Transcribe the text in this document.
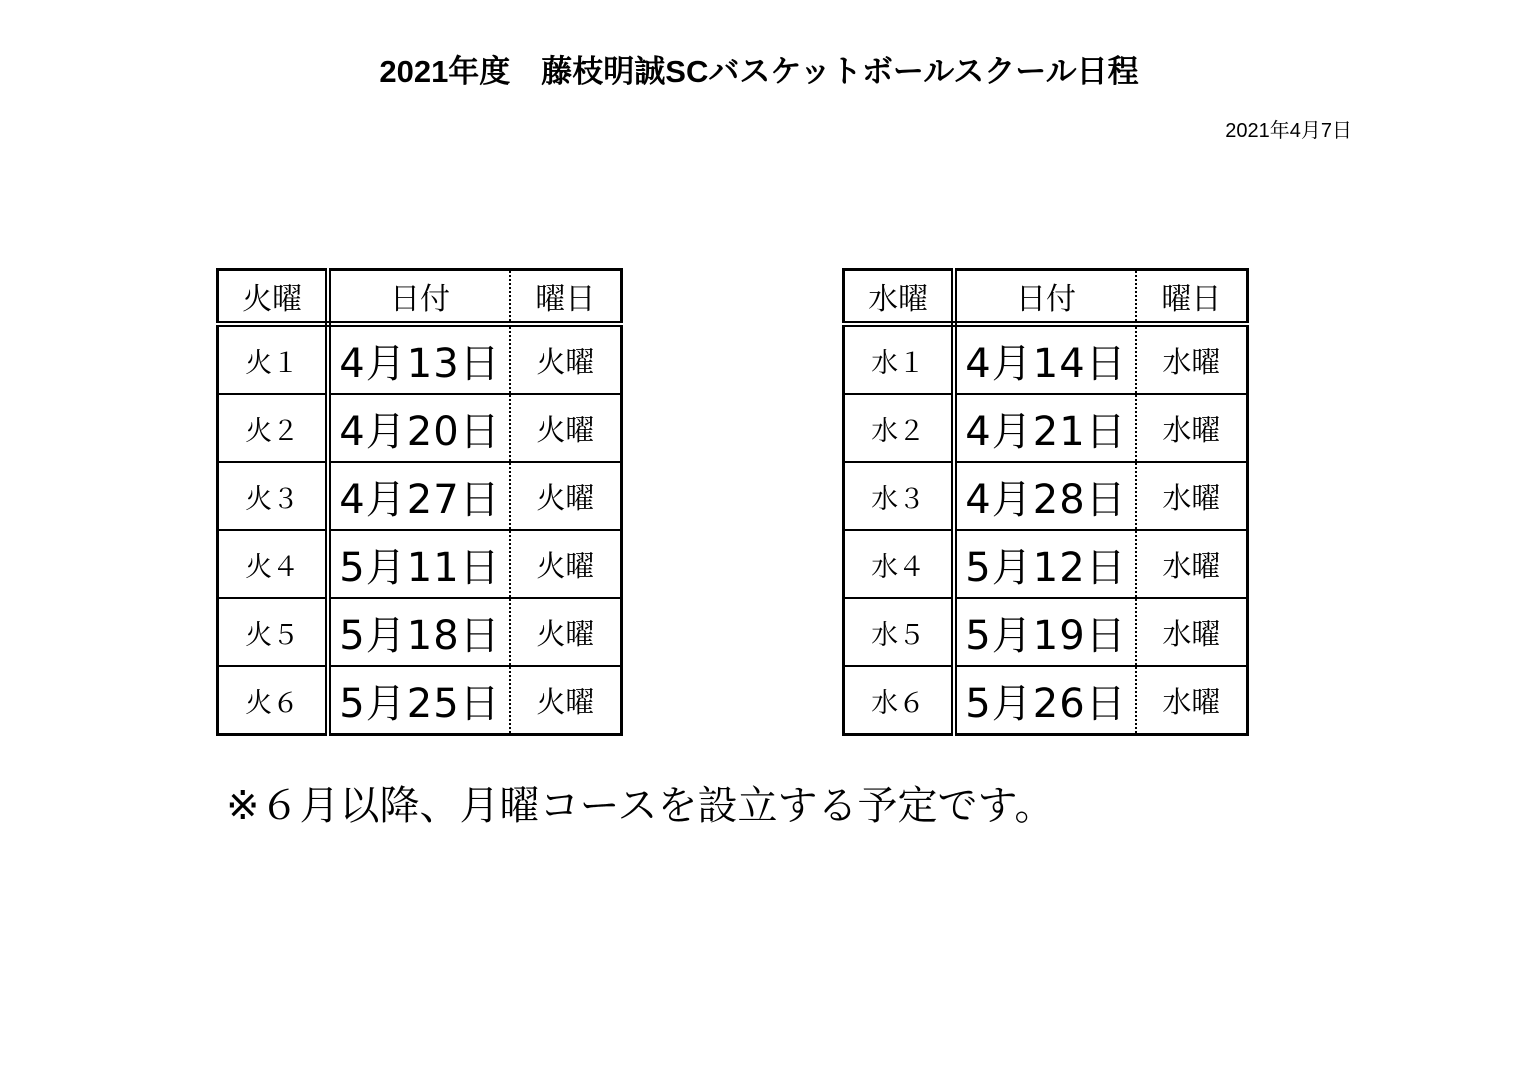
2021年度　藤枝明誠SCバスケットボールスクール日程
2021年4月7日
火曜	日付	曜日
火１	4月13日	火曜
火２	4月20日	火曜
火３	4月27日	火曜
火４	5月11日	火曜
火５	5月18日	火曜
火６	5月25日	火曜
水曜	日付	曜日
水１	4月14日	水曜
水２	4月21日	水曜
水３	4月28日	水曜
水４	5月12日	水曜
水５	5月19日	水曜
水６	5月26日	水曜
※６月以降、月曜コースを設立する予定です。
